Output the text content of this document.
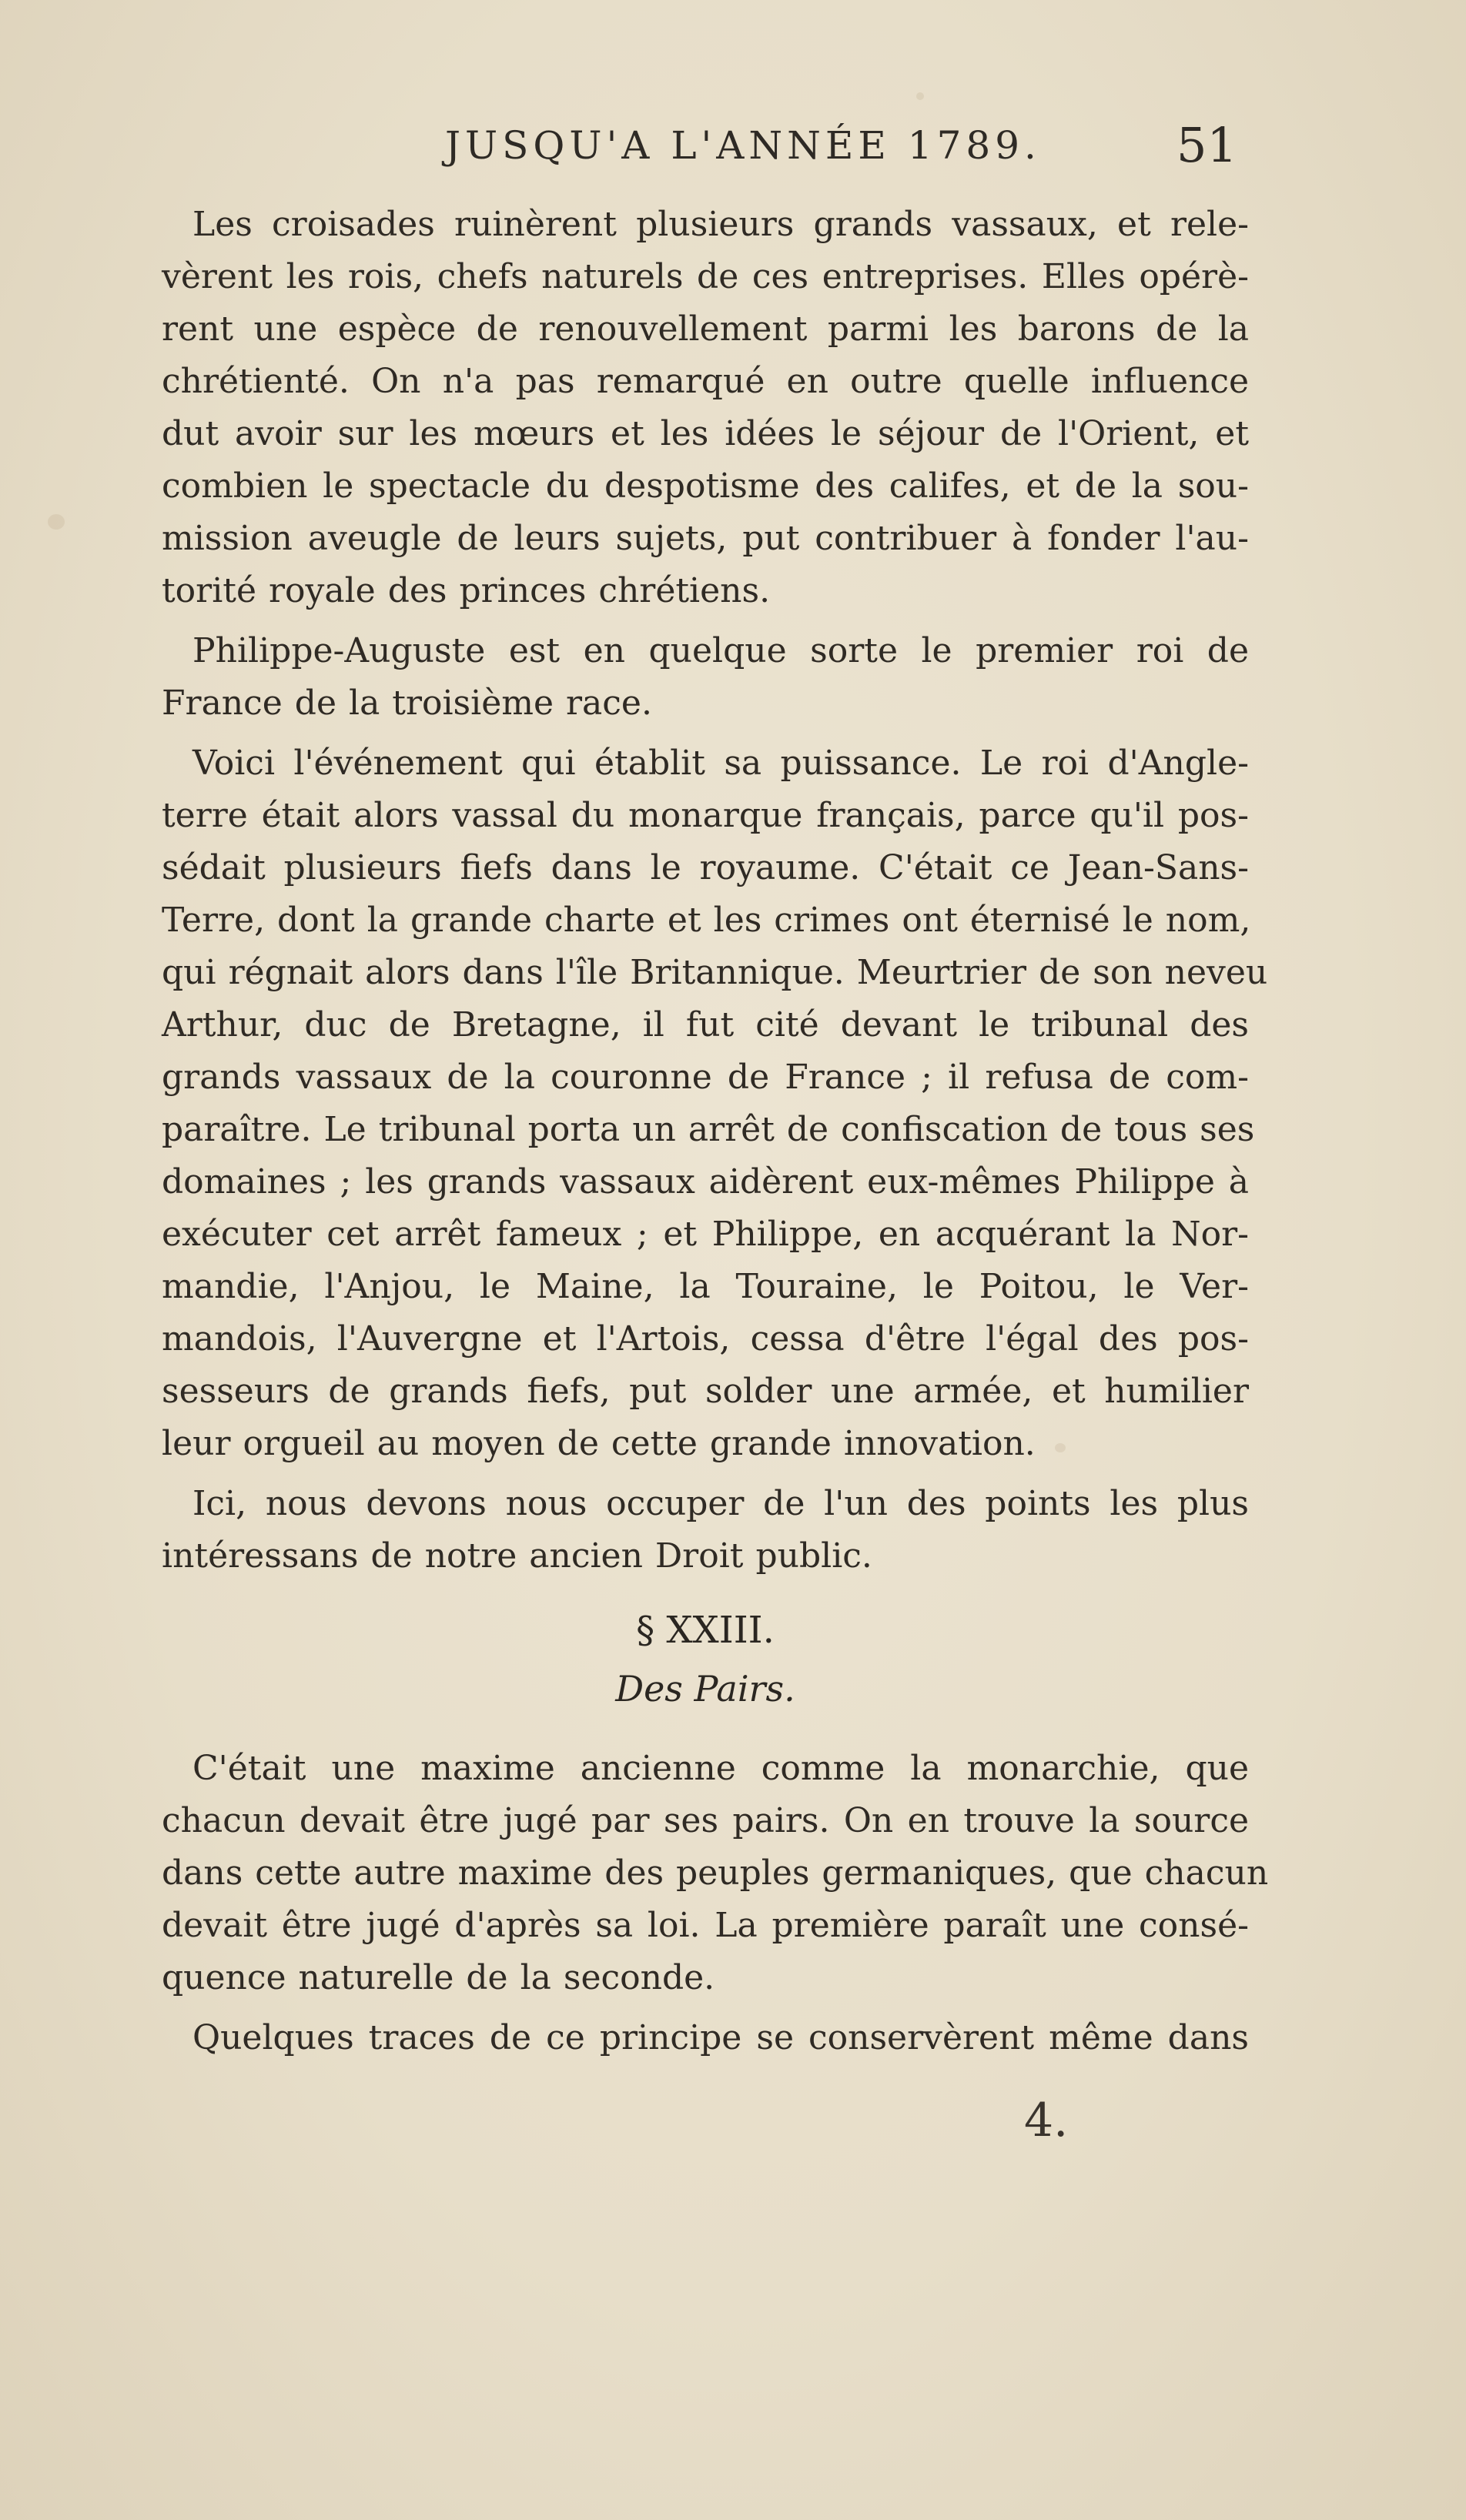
JUSQU'A L'ANNÉE 1789.	51

Les croisades ruinèrent plusieurs grands vassaux, et rele-
vèrent les rois, chefs naturels de ces entreprises. Elles opérè-
rent une espèce de renouvellement parmi les barons de la
chrétienté. On n'a pas remarqué en outre quelle influence
dut avoir sur les mœurs et les idées le séjour de l'Orient, et
combien le spectacle du despotisme des califes, et de la sou-
mission aveugle de leurs sujets, put contribuer à fonder l'au-
torité royale des princes chrétiens.

Philippe-Auguste est en quelque sorte le premier roi de
France de la troisième race.

Voici l'événement qui établit sa puissance. Le roi d'Angle-
terre était alors vassal du monarque français, parce qu'il pos-
sédait plusieurs fiefs dans le royaume. C'était ce Jean-Sans-
Terre, dont la grande charte et les crimes ont éternisé le nom,
qui régnait alors dans l'île Britannique. Meurtrier de son neveu
Arthur, duc de Bretagne, il fut cité devant le tribunal des
grands vassaux de la couronne de France ; il refusa de com-
paraître. Le tribunal porta un arrêt de confiscation de tous ses
domaines ; les grands vassaux aidèrent eux-mêmes Philippe à
exécuter cet arrêt fameux ; et Philippe, en acquérant la Nor-
mandie, l'Anjou, le Maine, la Touraine, le Poitou, le Ver-
mandois, l'Auvergne et l'Artois, cessa d'être l'égal des pos-
sesseurs de grands fiefs, put solder une armée, et humilier
leur orgueil au moyen de cette grande innovation.

Ici, nous devons nous occuper de l'un des points les plus
intéressans de notre ancien Droit public.

§ XXIII.
Des Pairs.

C'était une maxime ancienne comme la monarchie, que
chacun devait être jugé par ses pairs. On en trouve la source
dans cette autre maxime des peuples germaniques, que chacun
devait être jugé d'après sa loi. La première paraît une consé-
quence naturelle de la seconde.

Quelques traces de ce principe se conservèrent même dans

4.
